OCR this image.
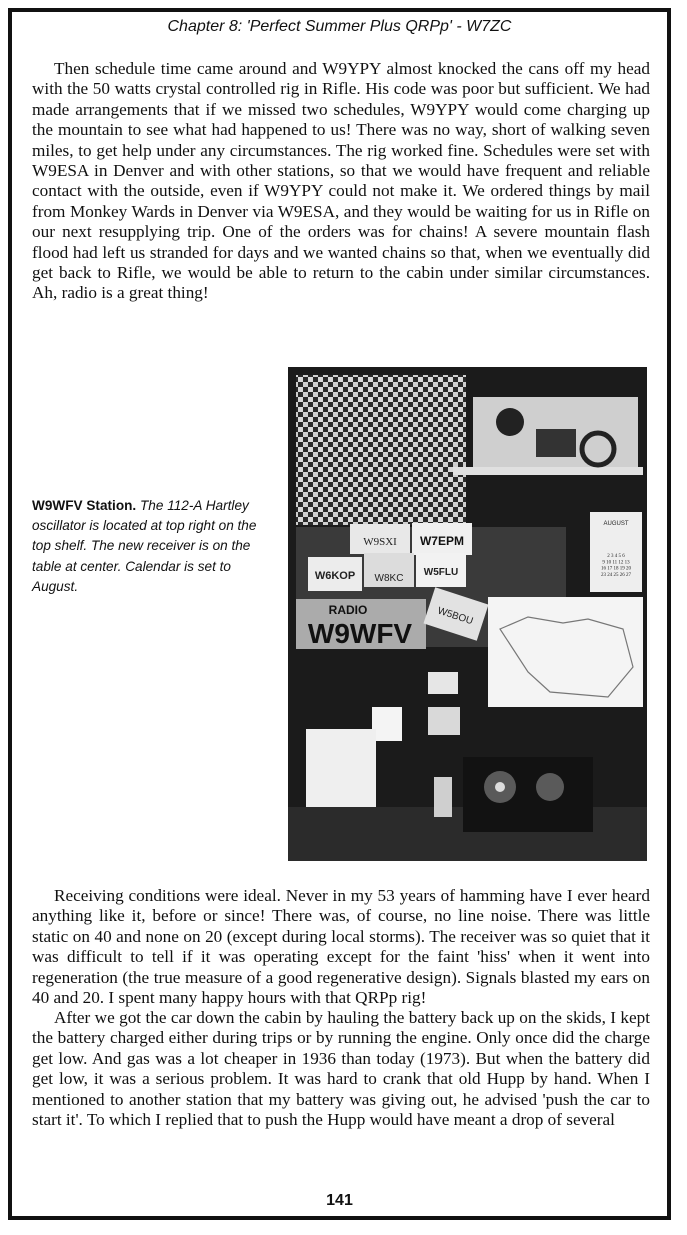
Chapter 8: 'Perfect Summer Plus QRPp' - W7ZC

Then schedule time came around and W9YPY almost knocked the cans off my head with the 50 watts crystal controlled rig in Rifle. His code was poor but sufficient. We had made arrangements that if we missed two schedules, W9YPY would come charging up the mountain to see what had happened to us! There was no way, short of walking seven miles, to get help under any circumstances. The rig worked fine. Schedules were set with W9ESA in Denver and with other stations, so that we would have frequent and reliable contact with the outside, even if W9YPY could not make it. We ordered things by mail from Monkey Wards in Denver via W9ESA, and they would be waiting for us in Rifle on our next resupplying trip. One of the orders was for chains! A severe mountain flash flood had left us stranded for days and we wanted chains so that, when we eventually did get back to Rifle, we would be able to return to the cabin under similar circumstances. Ah, radio is a great thing!

W9WFV Station. The 112-A Hartley oscillator is located at top right on the top shelf. The new receiver is on the table at center. Calendar is set to August.

W9SXI W7EPM
W6KOP W8KC
W5FLU
AUGUST
2 3 4 5 6 9 10 11 12 13 16 17 18 19 20 23 24 25 26 27
RADIO
W9WFV
W5BOU

Receiving conditions were ideal. Never in my 53 years of hamming have I ever heard anything like it, before or since! There was, of course, no line noise. There was little static on 40 and none on 20 (except during local storms). The receiver was so quiet that it was difficult to tell if it was operating except for the faint 'hiss' when it went into regeneration (the true measure of a good regenerative design). Signals blasted my ears on 40 and 20. I spent many happy hours with that QRPp rig!

After we got the car down the cabin by hauling the battery back up on the skids, I kept the battery charged either during trips or by running the engine. Only once did the charge get low. And gas was a lot cheaper in 1936 than today (1973). But when the battery did get low, it was a serious problem. It was hard to crank that old Hupp by hand. When I mentioned to another station that my battery was giving out, he advised 'push the car to start it'. To which I replied that to push the Hupp would have meant a drop of several

141
